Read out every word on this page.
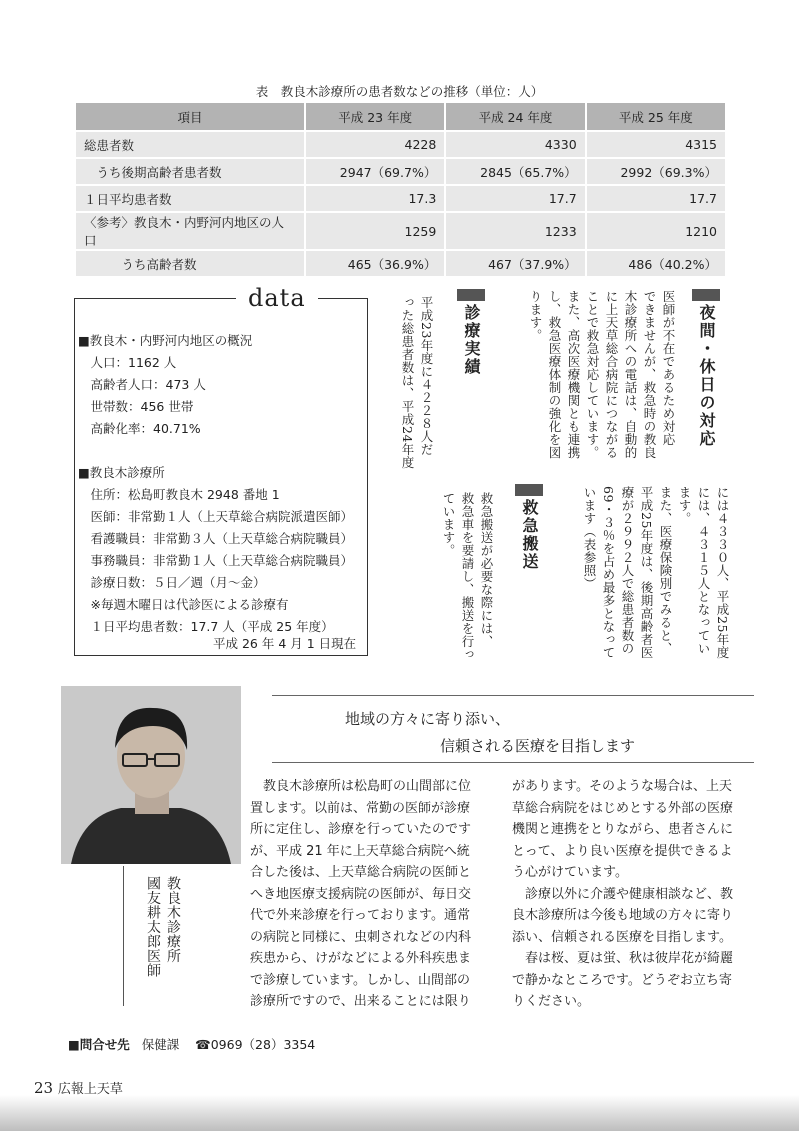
表　教良木診療所の患者数などの推移（単位：人）
項目	平成 23 年度	平成 24 年度	平成 25 年度
総患者数	4228	4330	4315
　うち後期高齢者患者数	2947（69.7%）	2845（65.7%）	2992（69.3%）
１日平均患者数	17.3	17.7	17.7
〈参考〉教良木・内野河内地区の人口	1259	1233	1210
　　　うち高齢者数	465（36.9%）	467（37.9%）	486（40.2%）
data
■教良木・内野河内地区の概況
　人口：1162 人
　高齢者人口：473 人
　世帯数：456 世帯
　高齢化率：40.71%
■教良木診療所
　住所：松島町教良木 2948 番地 1
　医師：非常勤１人（上天草総合病院派遣医師）
　看護職員：非常勤３人（上天草総合病院職員）
　事務職員：非常勤１人（上天草総合病院職員）
　診療日数：５日／週（月～金）
　※毎週木曜日は代診医による診療有
　１日平均患者数：17.7 人（平成 25 年度）
平成 26 年 4 月 1 日現在
夜間・休日の対応
医師が不在であるため対応
できませんが、救急時の教良
木診療所への電話は、自動的
に上天草総合病院につながる
ことで救急対応しています。
また、高次医療機関とも連携
し、救急医療体制の強化を図
ります。
診療実績
平成23年度に４２２８人だ
った総患者数は、平成24年度
には４３３０人、平成25年度
には、４３１５人となってい
ます。
また、医療保険別でみると、
平成25年度は、後期高齢者医
療が２９９２人で総患者数の
69・３％を占め最多となって
います（表参照）
救急搬送
救急搬送が必要な際には、
救急車を要請し、搬送を行っ
ています。
教良木診療所
國友耕太郎医師
地域の方々に寄り添い、
信頼される医療を目指します
　教良木診療所は松島町の山間部に位
置します。以前は、常勤の医師が診療
所に定住し、診療を行っていたのです
が、平成 21 年に上天草総合病院へ統
合した後は、上天草総合病院の医師と
へき地医療支援病院の医師が、毎日交
代で外来診療を行っております。通常
の病院と同様に、虫刺されなどの内科
疾患から、けがなどによる外科疾患ま
で診療しています。しかし、山間部の
診療所ですので、出来ることには限り
があります。そのような場合は、上天
草総合病院をはじめとする外部の医療
機関と連携をとりながら、患者さんに
とって、より良い医療を提供できるよ
う心がけています。
　診療以外に介護や健康相談など、教
良木診療所は今後も地域の方々に寄り
添い、信頼される医療を目指します。
　春は桜、夏は蛍、秋は彼岸花が綺麗
で静かなところです。どうぞお立ち寄
りください。
■問合せ先 保健課 ☎0969（28）3354
23 広報上天草
